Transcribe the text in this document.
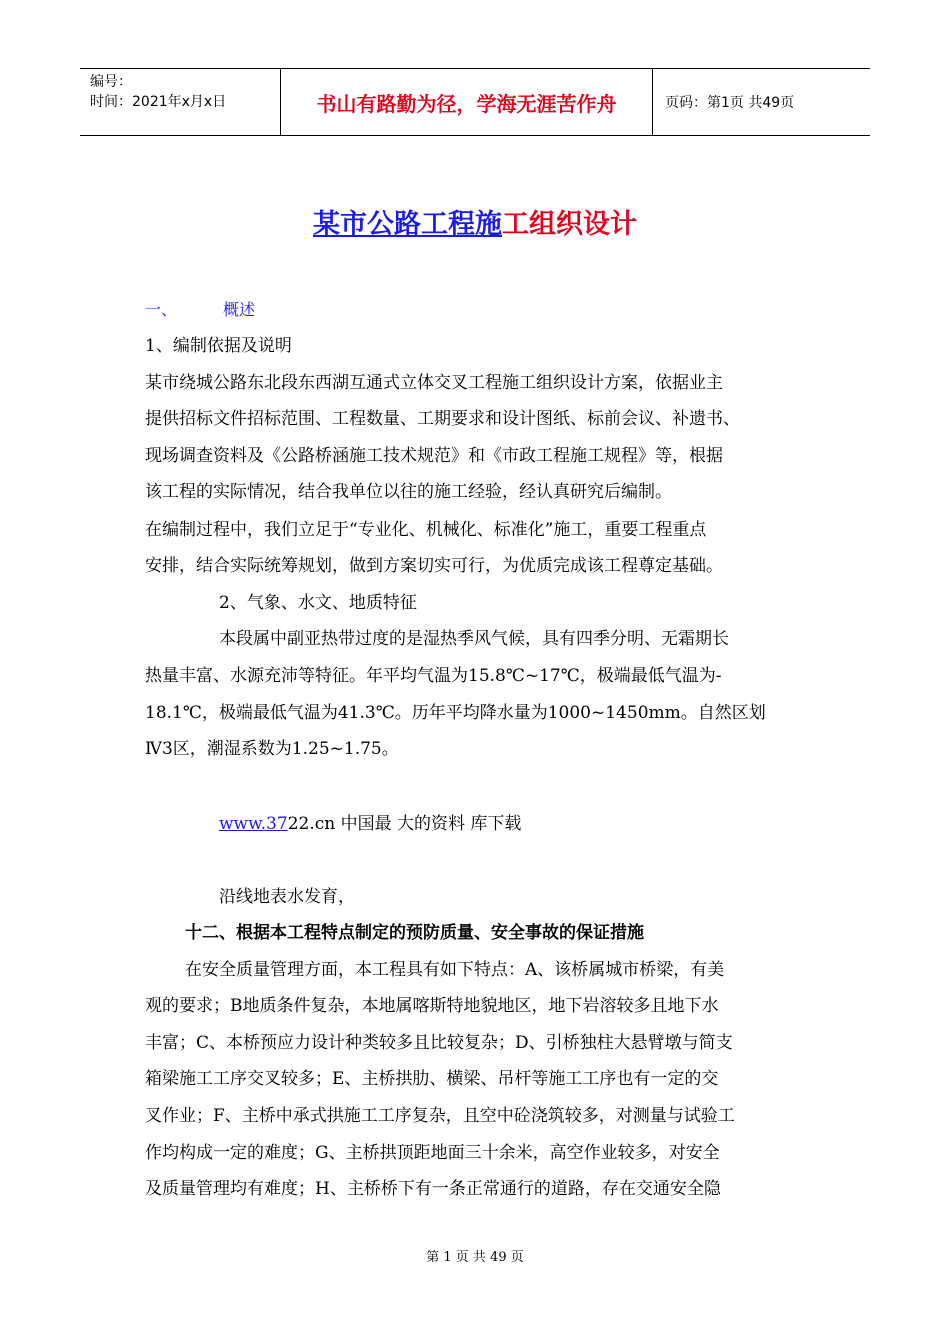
编号：
时间：2021年x月x日	书山有路勤为径，学海无涯苦作舟	页码：第1页 共49页
某市公路工程施工组织设计
一、	概述
1、编制依据及说明
某市绕城公路东北段东西湖互通式立体交叉工程施工组织设计方案，依据业主
提供招标文件招标范围、工程数量、工期要求和设计图纸、标前会议、补遗书、
现场调查资料及《公路桥涵施工技术规范》和《市政工程施工规程》等，根据
该工程的实际情况，结合我单位以往的施工经验，经认真研究后编制。
在编制过程中，我们立足于“专业化、机械化、标准化”施工，重要工程重点
安排，结合实际统筹规划，做到方案切实可行，为优质完成该工程尊定基础。
2、气象、水文、地质特征
本段属中副亚热带过度的是湿热季风气候，具有四季分明、无霜期长
热量丰富、水源充沛等特征。年平均气温为15.8℃~17℃，极端最低气温为-
18.1℃，极端最低气温为41.3℃。历年平均降水量为1000~1450mm。自然区划
Ⅳ3区，潮湿系数为1.25~1.75。
www.3722.cn 中国最 大的资料 库下载
沿线地表水发育，
十二、根据本工程特点制定的预防质量、安全事故的保证措施
在安全质量管理方面，本工程具有如下特点：A、该桥属城市桥梁，有美
观的要求；B地质条件复杂，本地属喀斯特地貌地区，地下岩溶较多且地下水
丰富；C、本桥预应力设计种类较多且比较复杂；D、引桥独柱大悬臂墩与简支
箱梁施工工序交叉较多；E、主桥拱肋、横梁、吊杆等施工工序也有一定的交
叉作业；F、主桥中承式拱施工工序复杂，且空中砼浇筑较多，对测量与试验工
作均构成一定的难度；G、主桥拱顶距地面三十余米，高空作业较多，对安全
及质量管理均有难度；H、主桥桥下有一条正常通行的道路，存在交通安全隐
第 1 页 共 49 页
